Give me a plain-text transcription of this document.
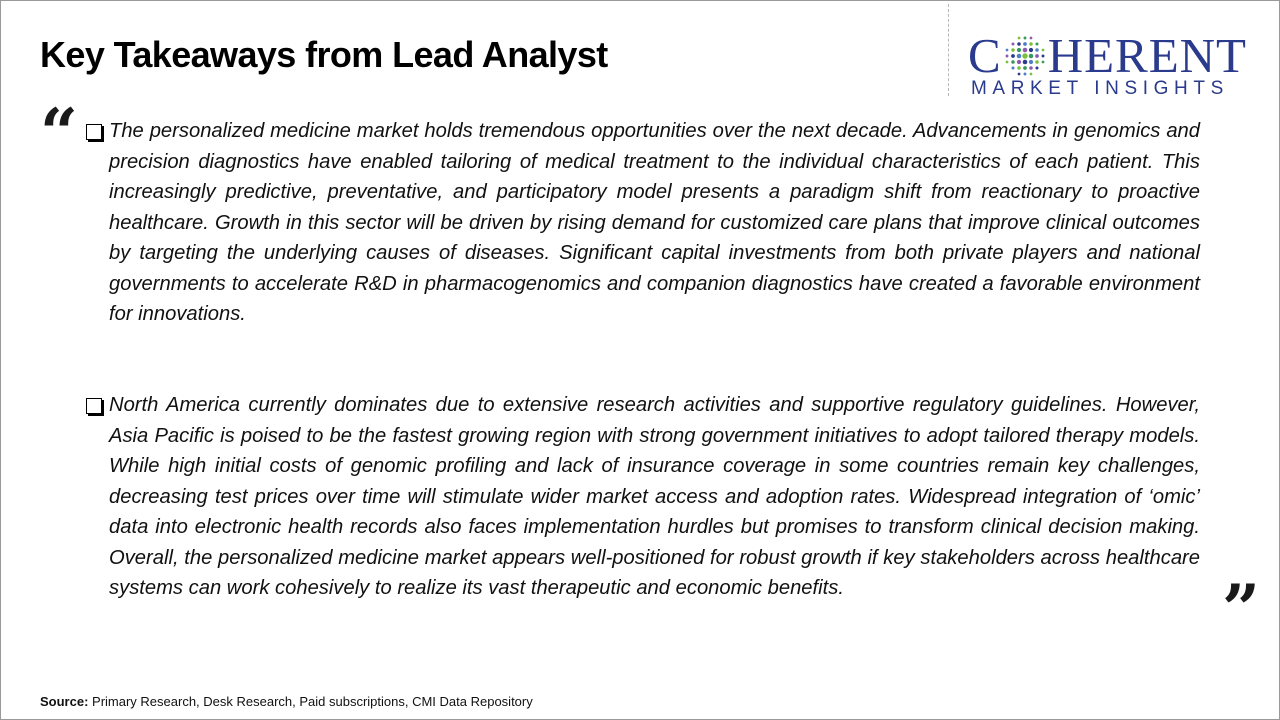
Key Takeaways from Lead Analyst	C HERENT
MARKET INSIGHTS
“ The personalized medicine market holds tremendous opportunities over the next decade. Advancements in genomics and precision diagnostics have enabled tailoring of medical treatment to the individual characteristics of each patient. This increasingly predictive, preventative, and participatory model presents a paradigm shift from reactionary to proactive healthcare. Growth in this sector will be driven by rising demand for customized care plans that improve clinical outcomes by targeting the underlying causes of diseases. Significant capital investments from both private players and national governments to accelerate R&D in pharmacogenomics and companion diagnostics have created a favorable environment for innovations.
North America currently dominates due to extensive research activities and supportive regulatory guidelines. However, Asia Pacific is poised to be the fastest growing region with strong government initiatives to adopt tailored therapy models. While high initial costs of genomic profiling and lack of insurance coverage in some countries remain key challenges, decreasing test prices over time will stimulate wider market access and adoption rates. Widespread integration of ‘omic’ data into electronic health records also faces implementation hurdles but promises to transform clinical decision making. Overall, the personalized medicine market appears well-positioned for robust growth if key stakeholders across healthcare systems can work cohesively to realize its vast therapeutic and economic benefits.	”
Source: Primary Research, Desk Research, Paid subscriptions, CMI Data Repository
